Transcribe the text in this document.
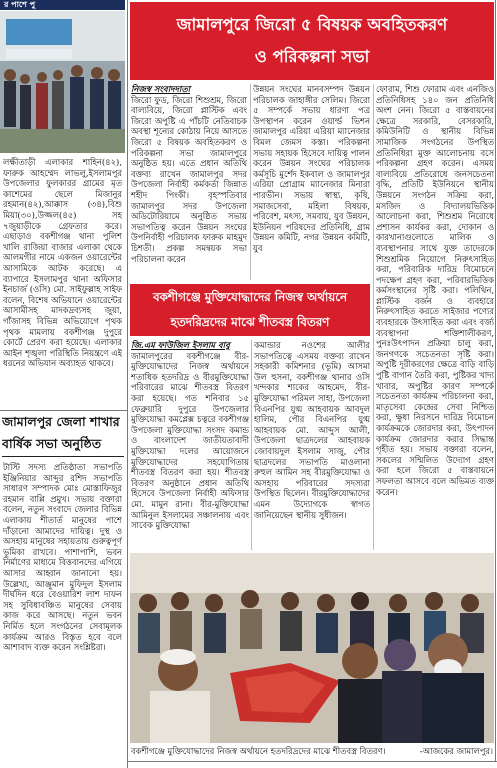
র পাশে পু
লক্ষীতাড়ী এলাকার শাহিন(৪২), ফারুক আহম্মেদ লাভলু,ইসলামপুর উপজেলার ফুলকারর গ্রামের মৃত কাশেমের ছেলে মিজানুর রহমান(৪২),আক্কাস (৩৪),বিশু মিয়া(৩০),উজ্জল(৪৫) সহ ৭জুয়াড়ীকে গ্রেফতার করে। এছাড়াও বকশীগঞ্জ থানা পুলিশ খালি রাজিয়া বাজার এলাকা থেকে আলমগীর নামে একজন ওয়ারেন্টের আসামিকে আটক করেছে। এ ব্যাপারে ইসলামপুর থানা অফিসার ইনচার্জ (ওসি) মো. সাইফুল্লাহ সাইফ বলেন, বিশেষ অভিযানে ওয়ারেন্টের আসামীসহ মাদকদ্রব্যসহ জুয়া, গাঁজাসহ বিভিন্ন অভিযোগে পৃথক পৃথক মামলায় বকশীগঞ্জ দুপুরে কোর্টে প্রেরণ করা হয়েছে। এলাকার আইন শৃঙ্খলা পরিস্থিতি নিয়ন্ত্রণে এই ধরনের অভিযান অব্যাহত থাকবে।
জামালপুর জেলা শাখার
বার্ষিক সভা অনুষ্ঠিত
টাস্টি সদস্য প্রতিষ্ঠাতা সভাপতি ইঞ্জিনিয়ার আব্দুর রশিদ সভাপতি সাধারণ সম্পাদক মোঃ মোস্তাফিজুর রহমান বাপ্পি প্রমুখ। সভায় বক্তারা বলেন, নতুন সংবাদে জেলার বিভিন্ন এলাকায় শীতার্ত মানুষের পাশে দাঁড়ানো আমাদের দায়িত্ব। দুস্থ ও অসহায় মানুষের সহায়তায় গুরুত্বপূর্ণ ভূমিকা রাখবে। পাশাপাশি, ভবন নির্মাণের মাধ্যমে বিত্তবানদের এগিয়ে আসার আহ্বান জানানো হয়। উল্লেখ্য, আঞ্জুমান মুফিদুল ইসলাম দীর্ঘদিন ধরে বেওয়ারিশ লাশ দাফন সহ সুবিধাবঞ্চিত মানুষের সেবায় কাজ করে আসছে। নতুন ভবন নির্মিত হলে সংগঠনের সেবামূলক কার্যক্রম আরও বিস্তৃত হবে বলে আশাবাদ ব্যক্ত করেন সংশ্লিষ্টরা।
জামালপুরে জিরো ৫ বিষয়ক অবহিতকরণ
ও পরিকল্পনা সভা
নিজস্ব সংবাদদাতা
জিরো ফুড, জিরো শিশুশ্রম, জিরো বাল্যবিয়ে, জিরো প্লাস্টিক এবং জিরো অপুষ্টি এ পাঁচটি নেতিবাচক অবস্থা শূন্যের কোঠায় নিয়ে আসতে জিরো ৫ বিষয়ক অবহিতকরণ ও পরিকল্পনা সভা জামালপুরে অনুষ্ঠিত হয়। এতে প্রধান অতিথি বক্তব্য রাখেন জামালপুর সদর উপজেলা নির্বাহী কর্মকর্তা জিন্নাত শহীদ পিংকী। বৃহস্পতিবার জামালপুর সদর উপজেলা অডিটোরিয়ামে অনুষ্ঠিত সভায় সভাপতিত্ব করেন উন্নয়ন সংঘের উপনির্বাহী পরিচালক ফারুক মাহমুদ চিশতী। প্রকল্প সমন্বয়ক সভা পরিচালনা করেন
উন্নয়ন সংঘের মানবসম্পদ উন্নয়ন পরিচালক জাহাঙ্গীর সেলিম। জিরো ৫ সম্পর্কে সভায় ধারণা পত্র উপস্থাপন করেন ওয়ার্ল্ড ভিশন জামালপুর এরিয়া এরিয়া ম্যানেজার বিমল জেমস কস্তা। পরিকল্পনা সভায় সহায়ক হিসেবে দায়িত্ব পালন করেন উন্নয়ন সংঘের পরিচালক কর্মসূচি মুর্শেদ ইকবাল ও জামালপুর এরিয়া প্রোগ্রাম ম্যানেজার মিনারা পারভীন। সভায় স্বাস্থ্য, কৃষি, সমাজসেবা, মহিলা বিষয়ক, পরিবেশ, মৎস্য, সমবায়, যুব উন্নয়ন, ইউনিয়ন পরিষদের প্রতিনিধি, গ্রাম উন্নয়ন কমিটি, নগর উন্নয়ন কমিটি, যুব
ফোরাম, শিশু ফোরাম এবং এনজিও প্রতিনিধিসহ ১৪০ জন প্রতিনিধি অংশ নেন। জিরো ৫ বাস্তবায়নের ক্ষেত্রে সরকারি, বেসরকারি, কমিউনিটি ও স্থানীয় বিভিন্ন সামাজিক সংগঠনের উপস্থিত প্রতিনিধিরা মুক্ত আলোচনায় বসে পরিকল্পনা গ্রহণ করেন। এসময় বাল্যবিয়ে প্রতিরোধে জনসচেতনা বৃদ্ধি, প্রতিটি ইউনিয়নে স্থানীয় উন্নয়নে সংগঠন সক্রিয় করা, মসজিদ ও বিদ্যালয়ভিত্তিক আলোচনা করা, শিশুশ্রম নিরোধে প্রশাসন কার্যকর করা, দোকান ও কারখানাগুলোতে মালিক ও ব্যবস্থাপনার সাথে যুক্ত তাদেরকে শিশুশ্রমিক নিয়োগে নিরুৎসাহিত করা, পরিবারিক দারিদ্র বিমোচনে পদক্ষেপ গ্রহণ করা, পরিবারভিত্তিক কর্মসংস্থানের সৃষ্টি করা। পলিথিন, প্লাস্টিক বর্জন ও ব্যবহারে নিরুৎসাহিত করতে সাইজার পণ্যের ব্যবহারকে উৎসাহিত করা এবং বর্জ্য ব্যবস্থাপনা শক্তিশালীকরণ, পুনঃউৎপাদন প্রক্রিয়া চালু করা, জনগণকে সচেতনতা সৃষ্টি করা। অপুষ্টি দূরীকরণের ক্ষেত্রে বাড়ি বাড়ি পুষ্টি বাগান তৈরি করা, পুষ্টিকর খাদ্য খাবার, অপুষ্টির কারণ সম্পর্কে সচেতনতা কার্যক্রম পরিচালনা করা, মাতৃসেবা কেন্দ্রের সেবা নিশ্চিত করা, ক্ষুধা নিরসনে দারিদ্র বিমোচন কার্যক্রমকে জোরদার করা, উৎপাদন কার্যক্রম জোরদার করার সিদ্ধান্ত গৃহীত হয়। সভায় বক্তারা বলেন, সকলের সম্মিলিত উদ্যোগ গ্রহণ করা হলে জিরো ৫ বাস্তবায়নে সফলতা আসবে বলে অভিমত ব্যক্ত করেন।
বকশীগঞ্জে মুক্তিযোদ্ধাদের নিজস্ব অর্থায়নে
হতদরিদ্রদের মাঝে শীতবস্ত্র বিতরণ
জি.এম ফাউজিল ইসলাম বাবু
জামালপুরের বকশীগঞ্জে বীর-মুক্তিযোদ্ধাদের নিজস্ব অর্থায়নে শতাধিক হতদরিদ্র ও বীরমুক্তিযোদ্ধা পরিবারের মাঝে শীতবস্ত্র বিতরণ করা হয়েছে। গত শনিবার ১৫ ফেব্রুয়ারি দুপুরে উপজেলার মুক্তিযোদ্ধা কমপ্লেক্স চত্বরে বকশীগঞ্জ উপজেলা মুক্তিযোদ্ধা সংসদ কমান্ড ও বাংলাদেশ জাতীয়তাবাদী মুক্তিযোদ্ধা দলের আয়োজনে মুক্তিযোদ্ধাদের সহযোগিতায় শীতবস্ত্র বিতরণ করা হয়। শীতবস্ত্র বিতরণ অনুষ্ঠানে প্রধান অতিথি হিসেবে উপজেলা নির্বাহী অফিসার মো. মামুন রানা। বীর-মুক্তিযোদ্ধা আমিনুল ইসলামের সঞ্চালনায় এবং সাবেক মুক্তিযোদ্ধা
কমান্ডার নওশের আলীর সভাপতিত্বে এসময় বক্তব্য রাখেন সহকারী কমিশনার (ভূমি) আসমা উল হুসনা, বকশীগঞ্জ থানার ওসি খন্দকার শাকের আহমেদ, বীর-মুক্তিযোদ্ধা পরিমল সাহা, উপজেলা বিএনপির যুগ্ম আহবায়ক আবদুল হালিম, পৌর বিএনপির যুগ্ম আহবায়ক মো. আব্দুস আলী, উপজেলা ছাত্রদলের আহবায়ক জোবায়দুল ইসলাম সাজু, পৌর ছাত্রদলের সভাপতি মাওলানা রুহুল আমিন সহ বীরমুক্তিযোদ্ধা ও অসহায় পরিবারের সদস্যরা উপস্থিত ছিলেন। বীরমুক্তিযোদ্ধাদের এমন উদ্যোগকে স্বাগত জানিয়েছেন স্থানীয় সুধীজন।
বকশীগঞ্জে মুক্তিযোদ্ধাদের নিজস্ব অর্থায়নে হতদরিদ্রদের মাঝে শীতবস্ত্র বিতরণ।	-আজকের জামালপুর।
